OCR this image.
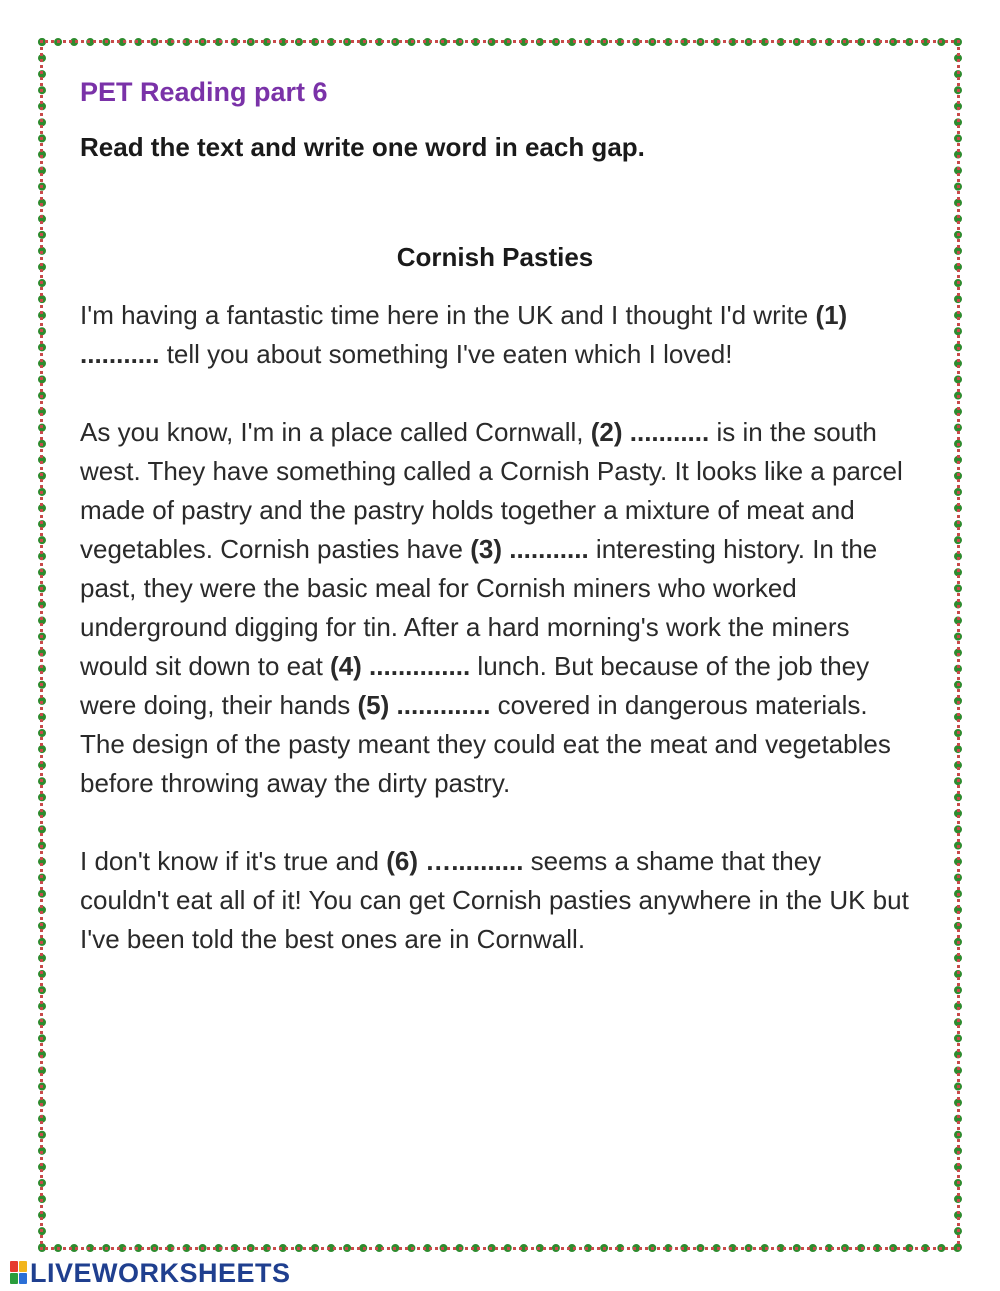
PET Reading part 6
Read the text and write one word in each gap.
Cornish Pasties
I'm having a fantastic time here in the UK and I thought I'd write (1) ........... tell you about something I've eaten which I loved!
As you know, I'm in a place called Cornwall, (2) ........... is in the south west. They have something called a Cornish Pasty. It looks like a parcel made of pastry and the pastry holds together a mixture of meat and vegetables. Cornish pasties have (3) ........... interesting history. In the past, they were the basic meal for Cornish miners who worked underground digging for tin. After a hard morning's work the miners would sit down to eat (4) .............. lunch. But because of the job they were doing, their hands (5) ............. covered in dangerous materials. The design of the pasty meant they could eat the meat and vegetables before throwing away the dirty pastry.
I don't know if it's true and (6) ….......... seems a shame that they couldn't eat all of it! You can get Cornish pasties anywhere in the UK but I've been told the best ones are in Cornwall.
LIVEWORKSHEETS
